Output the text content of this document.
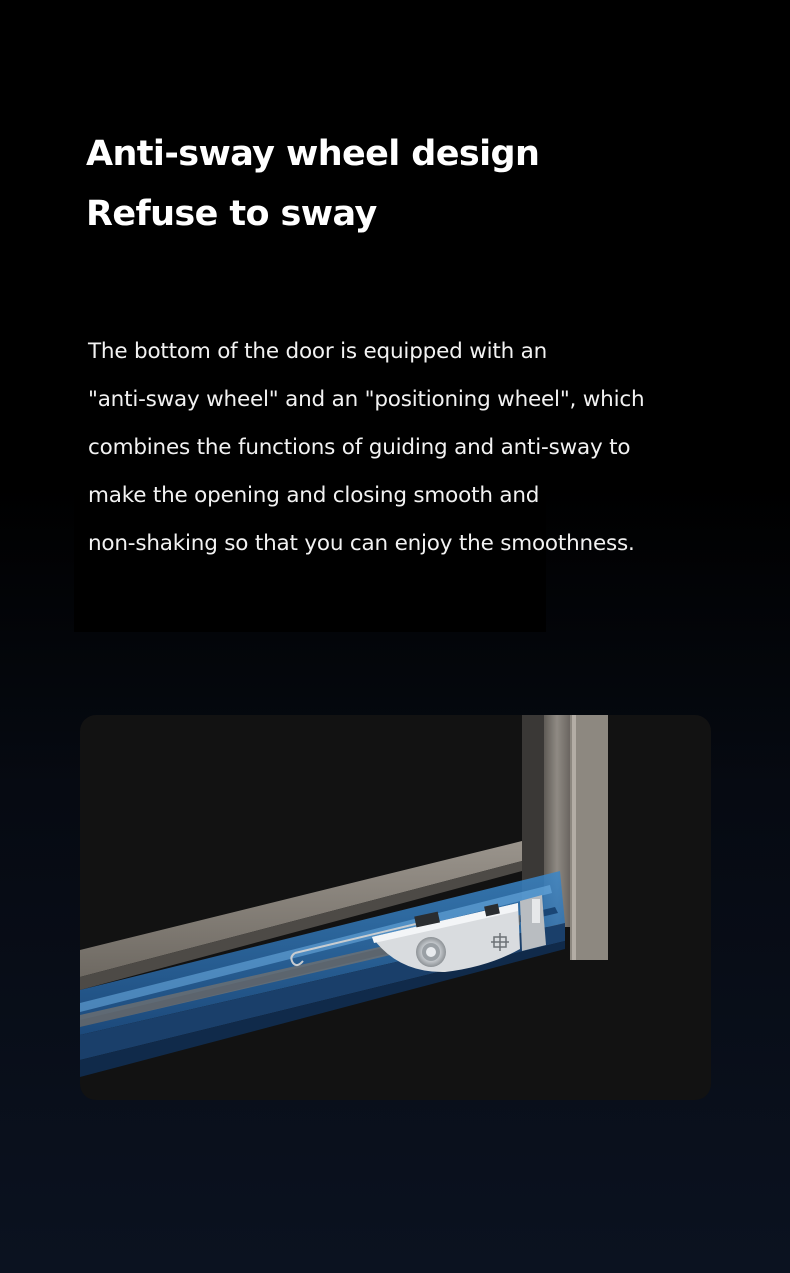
Anti-sway wheel design
Refuse to sway

The bottom of the door is equipped with an
"anti-sway wheel" and an "positioning wheel", which
combines the functions of guiding and anti-sway to
make the opening and closing smooth and
non-shaking so that you can enjoy the smoothness.
